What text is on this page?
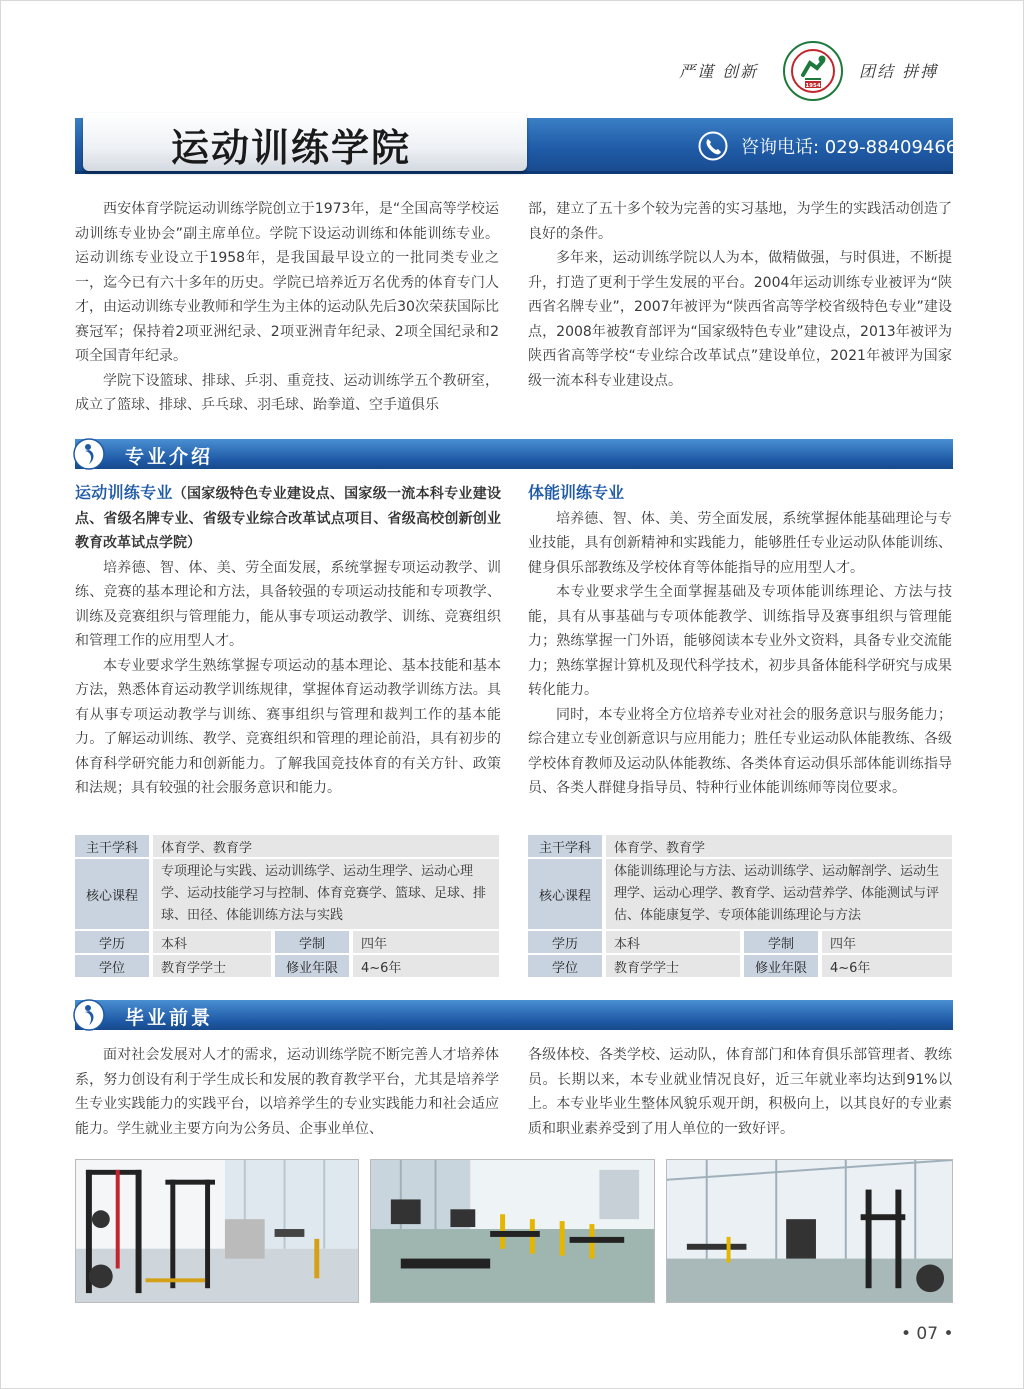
严谨 创新
1954
团结 拼搏
运动训练学院	咨询电话: 029-88409466

西安体育学院运动训练学院创立于1973年，是“全国高等学校运动训练专业协会”副主席单位。学院下设运动训练和体能训练专业。运动训练专业设立于1958年，是我国最早设立的一批同类专业之一，迄今已有六十多年的历史。学院已培养近万名优秀的体育专门人才，由运动训练专业教师和学生为主体的运动队先后30次荣获国际比赛冠军；保持着2项亚洲纪录、2项亚洲青年纪录、2项全国纪录和2项全国青年纪录。

学院下设篮球、排球、乒羽、重竞技、运动训练学五个教研室，成立了篮球、排球、乒乓球、羽毛球、跆拳道、空手道俱乐

部，建立了五十多个较为完善的实习基地，为学生的实践活动创造了良好的条件。

多年来，运动训练学院以人为本，做精做强，与时俱进，不断提升，打造了更利于学生发展的平台。2004年运动训练专业被评为“陕西省名牌专业”，2007年被评为“陕西省高等学校省级特色专业”建设点，2008年被教育部评为“国家级特色专业”建设点，2013年被评为陕西省高等学校“专业综合改革试点”建设单位，2021年被评为国家级一流本科专业建设点。

专业介绍

运动训练专业（国家级特色专业建设点、国家级一流本科专业建设点、省级名牌专业、省级专业综合改革试点项目、省级高校创新创业教育改革试点学院）

培养德、智、体、美、劳全面发展，系统掌握专项运动教学、训练、竞赛的基本理论和方法，具备较强的专项运动技能和专项教学、训练及竞赛组织与管理能力，能从事专项运动教学、训练、竞赛组织和管理工作的应用型人才。

本专业要求学生熟练掌握专项运动的基本理论、基本技能和基本方法，熟悉体育运动教学训练规律，掌握体育运动教学训练方法。具有从事专项运动教学与训练、赛事组织与管理和裁判工作的基本能力。了解运动训练、教学、竞赛组织和管理的理论前沿，具有初步的体育科学研究能力和创新能力。了解我国竞技体育的有关方针、政策和法规；具有较强的社会服务意识和能力。

体能训练专业

培养德、智、体、美、劳全面发展，系统掌握体能基础理论与专业技能，具有创新精神和实践能力，能够胜任专业运动队体能训练、健身俱乐部教练及学校体育等体能指导的应用型人才。

本专业要求学生全面掌握基础及专项体能训练理论、方法与技能，具有从事基础与专项体能教学、训练指导及赛事组织与管理能力；熟练掌握一门外语，能够阅读本专业外文资料，具备专业交流能力；熟练掌握计算机及现代科学技术，初步具备体能科学研究与成果转化能力。

同时，本专业将全方位培养专业对社会的服务意识与服务能力；综合建立专业创新意识与应用能力；胜任专业运动队体能教练、各级学校体育教师及运动队体能教练、各类体育运动俱乐部体能训练指导员、各类人群健身指导员、特种行业体能训练师等岗位要求。

主干学科		体育学、教育学				
核心课程		专项理论与实践、运动训练学、运动生理学、运动心理学、运动技能学习与控制、体育竞赛学、篮球、足球、排球、田径、体能训练方法与实践				
学历		本科		学制		四年
学位		教育学学士		修业年限		4~6年
主干学科		体育学、教育学				
核心课程		体能训练理论与方法、运动训练学、运动解剖学、运动生理学、运动心理学、教育学、运动营养学、体能测试与评估、体能康复学、专项体能训练理论与方法				
学历		本科		学制		四年
学位		教育学学士		修业年限		4~6年
毕业前景

面对社会发展对人才的需求，运动训练学院不断完善人才培养体系，努力创设有利于学生成长和发展的教育教学平台，尤其是培养学生专业实践能力的实践平台，以培养学生的专业实践能力和社会适应能力。学生就业主要方向为公务员、企事业单位、

各级体校、各类学校、运动队，体育部门和体育俱乐部管理者、教练员。长期以来，本专业就业情况良好，近三年就业率均达到91%以上。本专业毕业生整体风貌乐观开朗，积极向上，以其良好的专业素质和职业素养受到了用人单位的一致好评。

• 07 •
